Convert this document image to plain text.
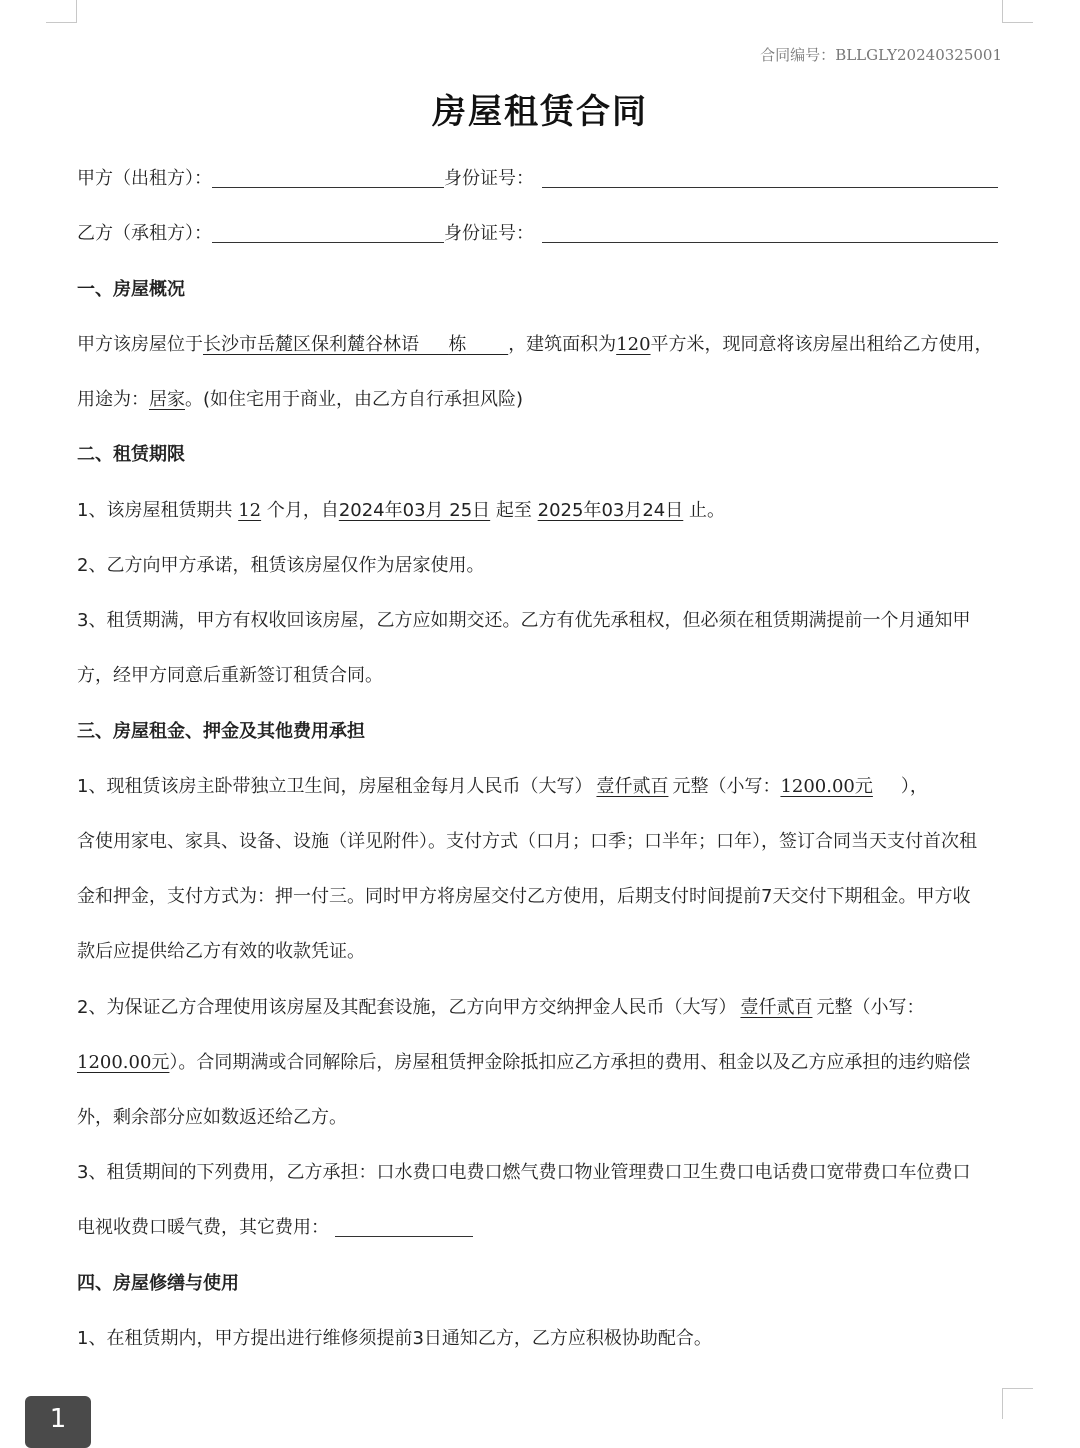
合同编号：BLLGLY20240325001
房屋租赁合同
甲方（出租方）：	身份证号：
乙方（承租方）：	身份证号：
一、房屋概况
甲方该房屋位于长沙市岳麓区保利麓谷林语　 栋　　 ，建筑面积为120平方米，现同意将该房屋出租给乙方使用，
用途为：居家。(如住宅用于商业，由乙方自行承担风险)
二、租赁期限
1、该房屋租赁期共 12 个月，自2024年03月 25日 起至 2025年03月24日 止。
2、乙方向甲方承诺，租赁该房屋仅作为居家使用。
3、租赁期满，甲方有权收回该房屋，乙方应如期交还。乙方有优先承租权，但必须在租赁期满提前一个月通知甲
方，经甲方同意后重新签订租赁合同。
三、房屋租金、押金及其他费用承担
1、现租赁该房主卧带独立卫生间，房屋租金每月人民币（大写） 壹仟贰百 元整（小写：1200.00元 ），
含使用家电、家具、设备、设施（详见附件）。支付方式（口月；口季；口半年；口年），签订合同当天支付首次租
金和押金，支付方式为：押一付三。同时甲方将房屋交付乙方使用，后期支付时间提前7天交付下期租金。甲方收
款后应提供给乙方有效的收款凭证。
2、为保证乙方合理使用该房屋及其配套设施，乙方向甲方交纳押金人民币（大写） 壹仟贰百 元整（小写：
1200.00元）。合同期满或合同解除后，房屋租赁押金除抵扣应乙方承担的费用、租金以及乙方应承担的违约赔偿
外，剩余部分应如数返还给乙方。
3、租赁期间的下列费用，乙方承担：口水费口电费口燃气费口物业管理费口卫生费口电话费口宽带费口车位费口
电视收费口暖气费，其它费用：
四、房屋修缮与使用
1、在租赁期内，甲方提出进行维修须提前3日通知乙方，乙方应积极协助配合。
1
